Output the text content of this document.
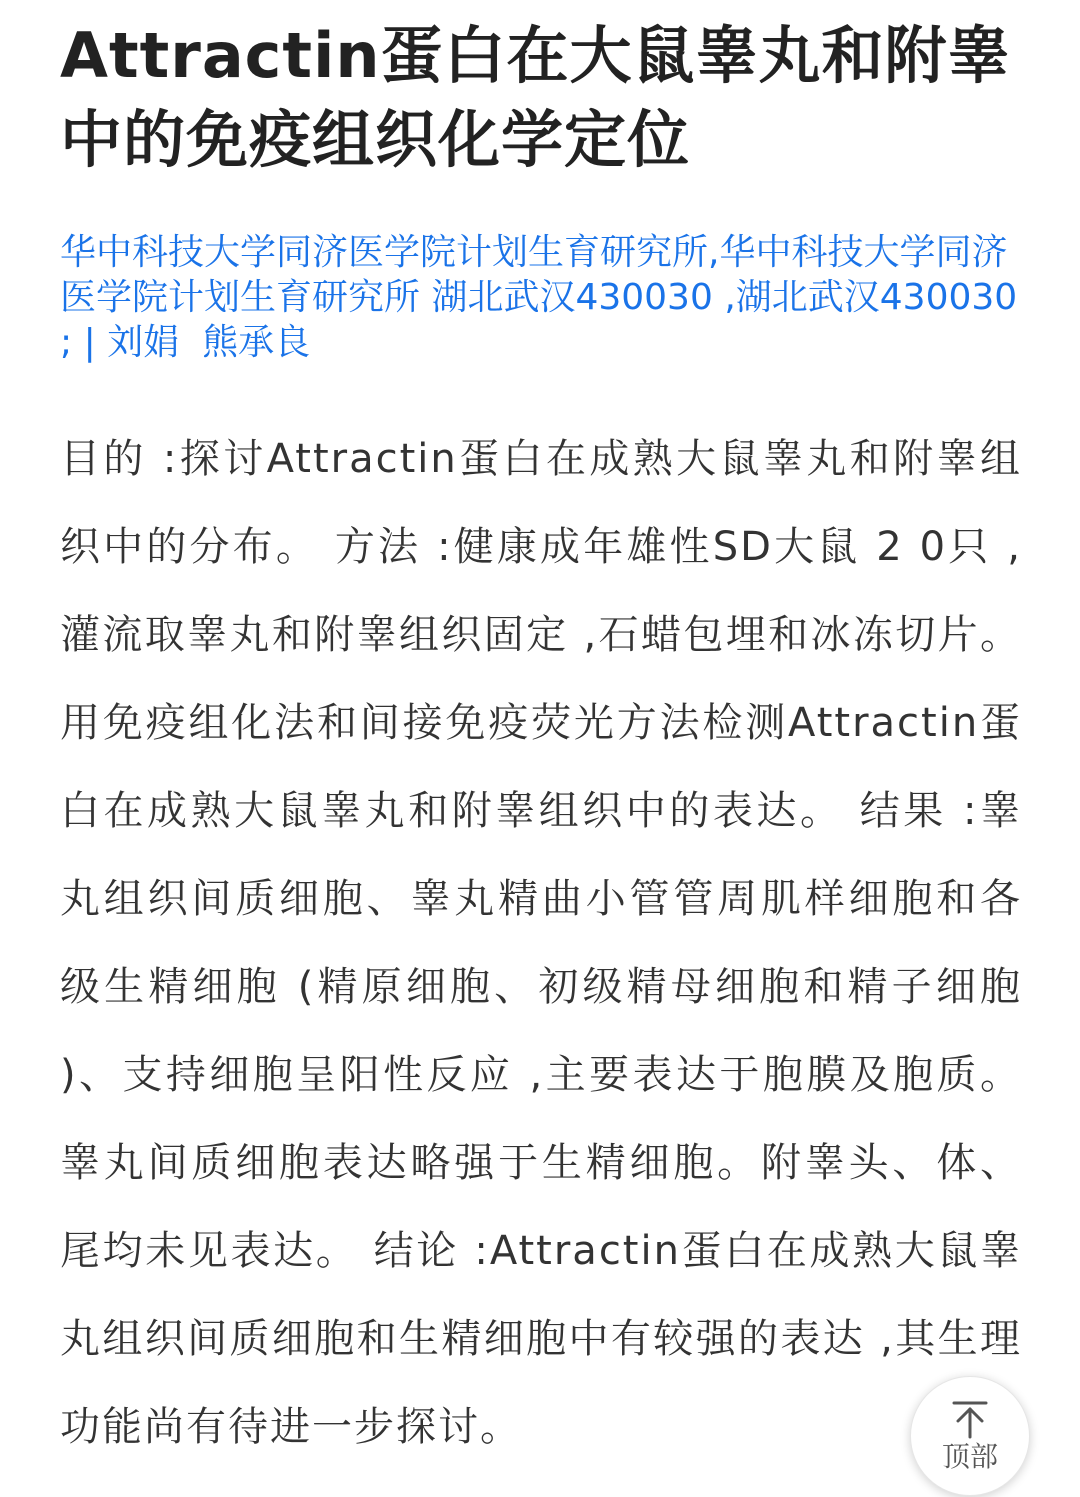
Attractin蛋白在大鼠睾丸和附睾中的免疫组织化学定位
华中科技大学同济医学院计划生育研究所,华中科技大学同济医学院计划生育研究所 湖北武汉430030 ,湖北武汉430030 ; | 刘娟 熊承良
目的 :探讨Attractin蛋白在成熟大鼠睾丸和附睾组织中的分布。 方法 :健康成年雄性SD大鼠 2 0只 ,灌流取睾丸和附睾组织固定 ,石蜡包埋和冰冻切片。用免疫组化法和间接免疫荧光方法检测Attractin蛋白在成熟大鼠睾丸和附睾组织中的表达。 结果 :睾丸组织间质细胞、睾丸精曲小管管周肌样细胞和各级生精细胞 (精原细胞、初级精母细胞和精子细胞 )、支持细胞呈阳性反应 ,主要表达于胞膜及胞质。睾丸间质细胞表达略强于生精细胞。附睾头、体、尾均未见表达。 结论 :Attractin蛋白在成熟大鼠睾丸组织间质细胞和生精细胞中有较强的表达 ,其生理功能尚有待进一步探讨。
顶部
